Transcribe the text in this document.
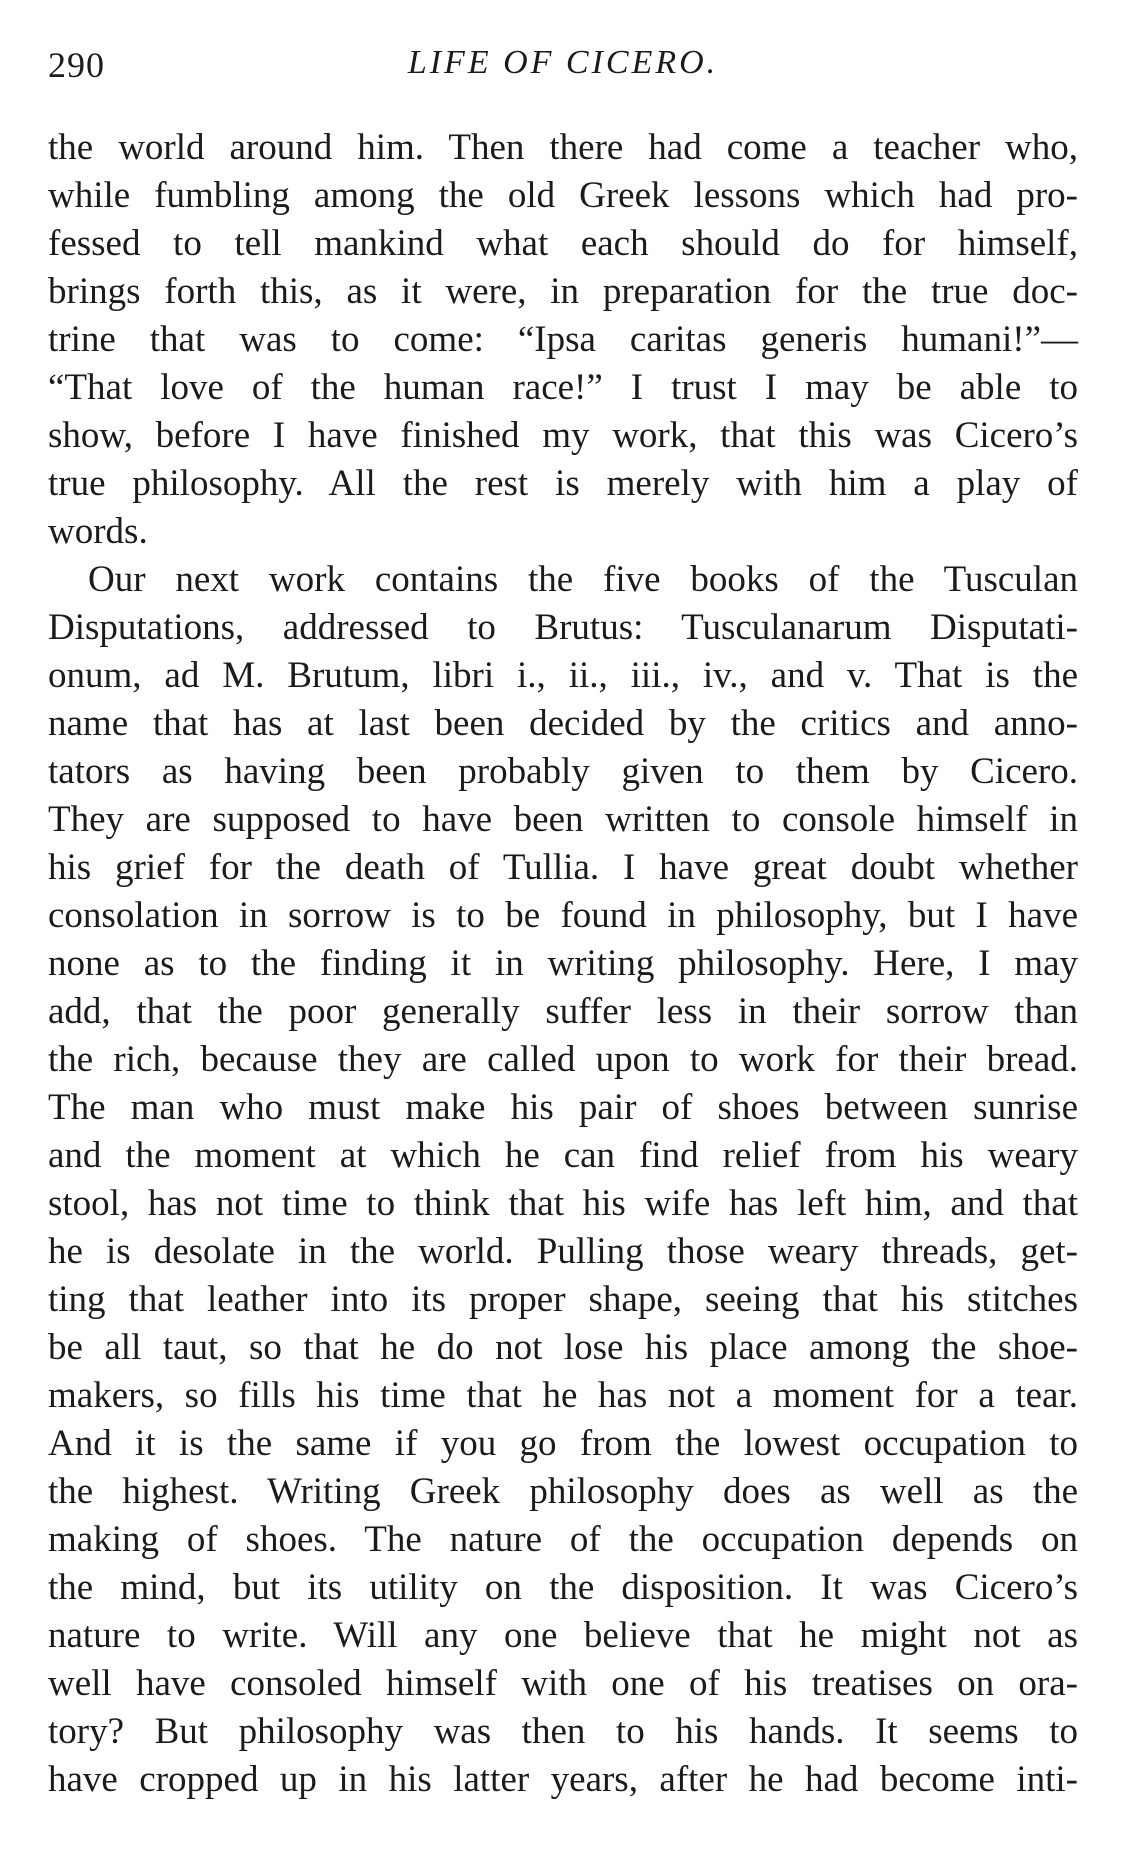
290	LIFE OF CICERO.
the world around him. Then there had come a teacher who,
while fumbling among the old Greek lessons which had pro-
fessed to tell mankind what each should do for himself,
brings forth this, as it were, in preparation for the true doc-
trine that was to come: “Ipsa caritas generis humani!”—
“That love of the human race!” I trust I may be able to
show, before I have finished my work, that this was Cicero’s
true philosophy. All the rest is merely with him a play of
words.
Our next work contains the five books of the Tusculan
Disputations, addressed to Brutus: Tusculanarum Disputati-
onum, ad M. Brutum, libri i., ii., iii., iv., and v. That is the
name that has at last been decided by the critics and anno-
tators as having been probably given to them by Cicero.
They are supposed to have been written to console himself in
his grief for the death of Tullia. I have great doubt whether
consolation in sorrow is to be found in philosophy, but I have
none as to the finding it in writing philosophy. Here, I may
add, that the poor generally suffer less in their sorrow than
the rich, because they are called upon to work for their bread.
The man who must make his pair of shoes between sunrise
and the moment at which he can find relief from his weary
stool, has not time to think that his wife has left him, and that
he is desolate in the world. Pulling those weary threads, get-
ting that leather into its proper shape, seeing that his stitches
be all taut, so that he do not lose his place among the shoe-
makers, so fills his time that he has not a moment for a tear.
And it is the same if you go from the lowest occupation to
the highest. Writing Greek philosophy does as well as the
making of shoes. The nature of the occupation depends on
the mind, but its utility on the disposition. It was Cicero’s
nature to write. Will any one believe that he might not as
well have consoled himself with one of his treatises on ora-
tory? But philosophy was then to his hands. It seems to
have cropped up in his latter years, after he had become inti-
